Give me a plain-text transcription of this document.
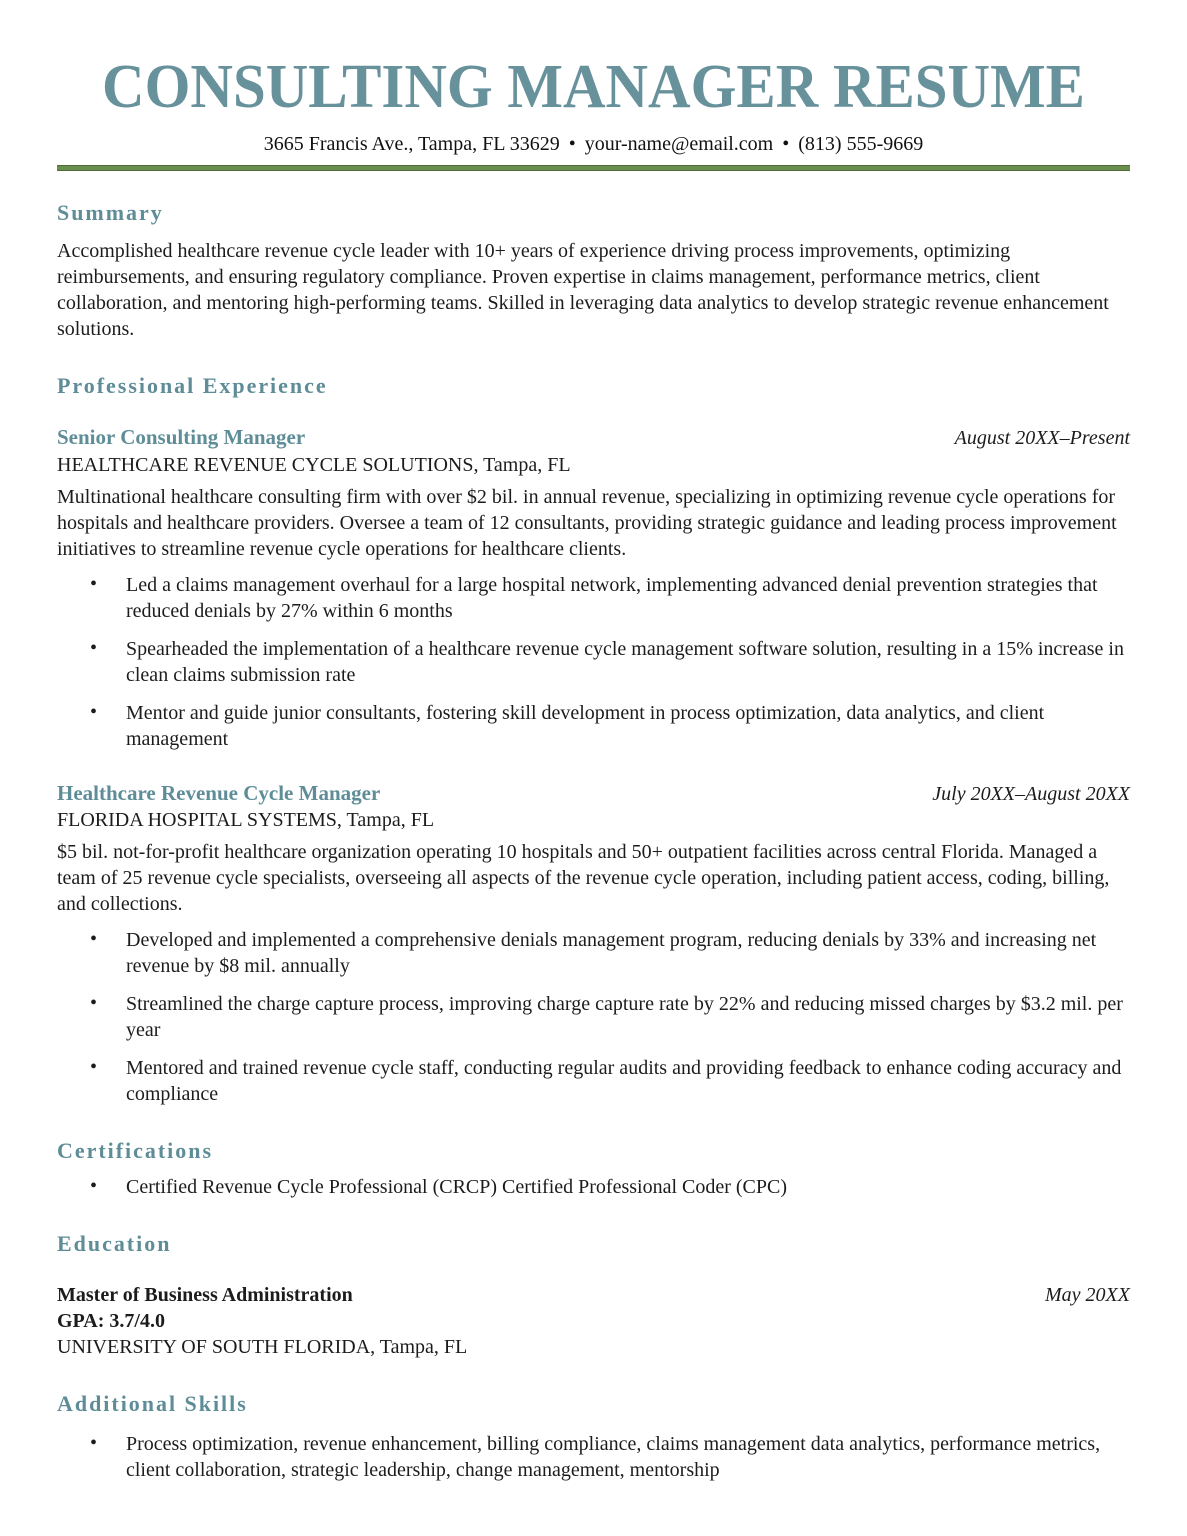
CONSULTING MANAGER RESUME
3665 Francis Ave., Tampa, FL 33629 • your-name@email.com • (813) 555-9669
Summary

Accomplished healthcare revenue cycle leader with 10+ years of experience driving process improvements, optimizing reimbursements, and ensuring regulatory compliance. Proven expertise in claims management, performance metrics, client collaboration, and mentoring high-performing teams. Skilled in leveraging data analytics to develop strategic revenue enhancement solutions.

Professional Experience
Senior Consulting Manager	August 20XX–Present
HEALTHCARE REVENUE CYCLE SOLUTIONS, Tampa, FL

Multinational healthcare consulting firm with over $2 bil. in annual revenue, specializing in optimizing revenue cycle operations for hospitals and healthcare providers. Oversee a team of 12 consultants, providing strategic guidance and leading process improvement initiatives to streamline revenue cycle operations for healthcare clients.

• Led a claims management overhaul for a large hospital network, implementing advanced denial prevention strategies that reduced denials by 27% within 6 months
• Spearheaded the implementation of a healthcare revenue cycle management software solution, resulting in a 15% increase in clean claims submission rate
• Mentor and guide junior consultants, fostering skill development in process optimization, data analytics, and client management
Healthcare Revenue Cycle Manager	July 20XX–August 20XX
FLORIDA HOSPITAL SYSTEMS, Tampa, FL

$5 bil. not-for-profit healthcare organization operating 10 hospitals and 50+ outpatient facilities across central Florida. Managed a team of 25 revenue cycle specialists, overseeing all aspects of the revenue cycle operation, including patient access, coding, billing, and collections.

• Developed and implemented a comprehensive denials management program, reducing denials by 33% and increasing net revenue by $8 mil. annually
• Streamlined the charge capture process, improving charge capture rate by 22% and reducing missed charges by $3.2 mil. per year
• Mentored and trained revenue cycle staff, conducting regular audits and providing feedback to enhance coding accuracy and compliance
Certifications
• Certified Revenue Cycle Professional (CRCP) Certified Professional Coder (CPC)
Education
Master of Business Administration	May 20XX
GPA: 3.7/4.0
UNIVERSITY OF SOUTH FLORIDA, Tampa, FL
Additional Skills
• Process optimization, revenue enhancement, billing compliance, claims management data analytics, performance metrics, client collaboration, strategic leadership, change management, mentorship
